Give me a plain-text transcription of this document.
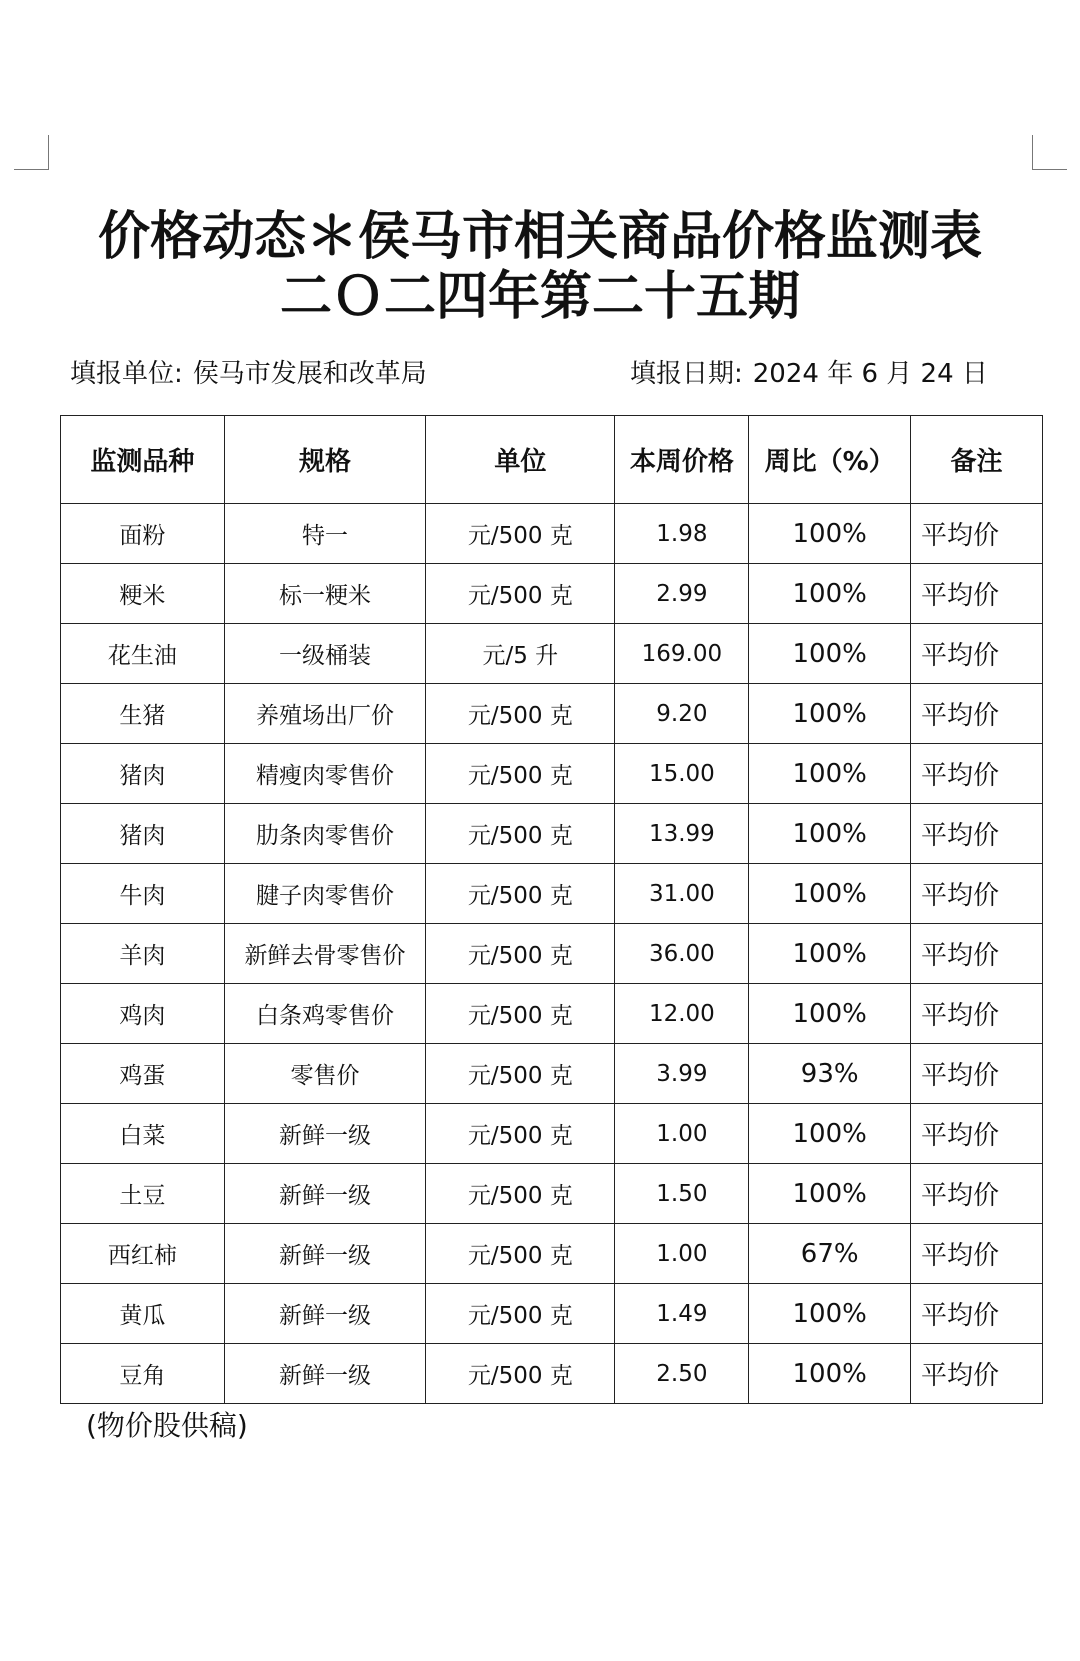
价格动态＊侯马市相关商品价格监测表
二Ｏ二四年第二十五期
填报单位: 侯马市发展和改革局	填报日期: 2024 年 6 月 24 日
监测品种	规格	单位	本周价格	周比（%）	备注
面粉	特一	元/500 克	1.98	100%	平均价
粳米	标一粳米	元/500 克	2.99	100%	平均价
花生油	一级桶装	元/5 升	169.00	100%	平均价
生猪	养殖场出厂价	元/500 克	9.20	100%	平均价
猪肉	精瘦肉零售价	元/500 克	15.00	100%	平均价
猪肉	肋条肉零售价	元/500 克	13.99	100%	平均价
牛肉	腱子肉零售价	元/500 克	31.00	100%	平均价
羊肉	新鲜去骨零售价	元/500 克	36.00	100%	平均价
鸡肉	白条鸡零售价	元/500 克	12.00	100%	平均价
鸡蛋	零售价	元/500 克	3.99	93%	平均价
白菜	新鲜一级	元/500 克	1.00	100%	平均价
土豆	新鲜一级	元/500 克	1.50	100%	平均价
西红柿	新鲜一级	元/500 克	1.00	67%	平均价
黄瓜	新鲜一级	元/500 克	1.49	100%	平均价
豆角	新鲜一级	元/500 克	2.50	100%	平均价
(物价股供稿)
